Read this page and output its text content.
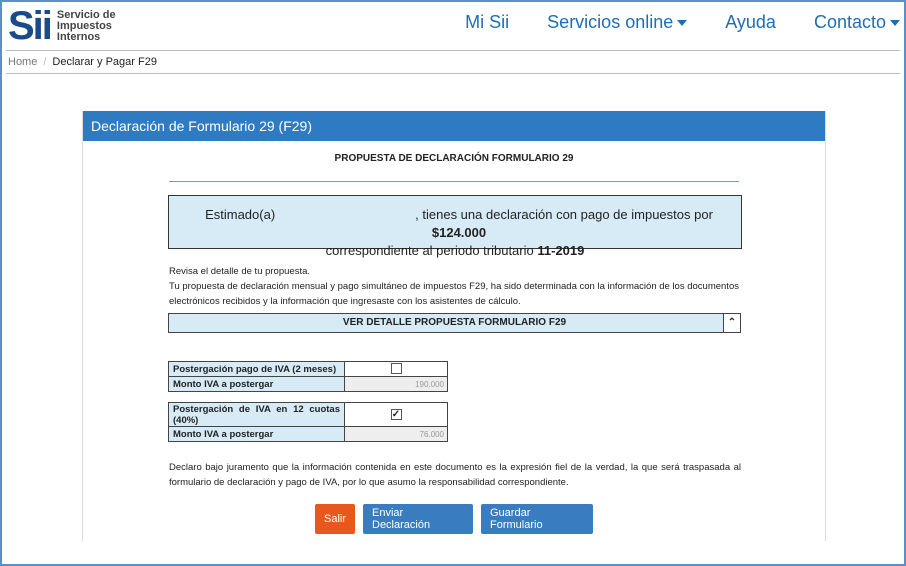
Sii Servicio de
Impuestos
Internos
Mi Sii Servicios online	Ayuda Contacto
Home / Declarar y Pagar F29
Declaración de Formulario 29 (F29)
PROPUESTA DE DECLARACIÓN FORMULARIO 29
Estimado(a)	, tienes una declaración con pago de impuestos por $124.000
correspondiente al periodo tributario 11-2019
Revisa el detalle de tu propuesta.
Tu propuesta de declaración mensual y pago simultáneo de impuestos F29, ha sido determinada con la información de los documentos electrónicos recibidos y la información que ingresaste con los asistentes de cálculo.
VER DETALLE PROPUESTA FORMULARIO F29	⌃
Postergación pago de IVA (2 meses)	
Monto IVA a postergar	190.000
Postergación de IVA en 12 cuotas (40%)	✓
Monto IVA a postergar	76.000
Declaro bajo juramento que la información contenida en este documento es la expresión fiel de la verdad, la que será traspasada al formulario de declaración y pago de IVA, por lo que asumo la responsabilidad correspondiente.
Salir	Enviar Declaración
Guardar Formulario
